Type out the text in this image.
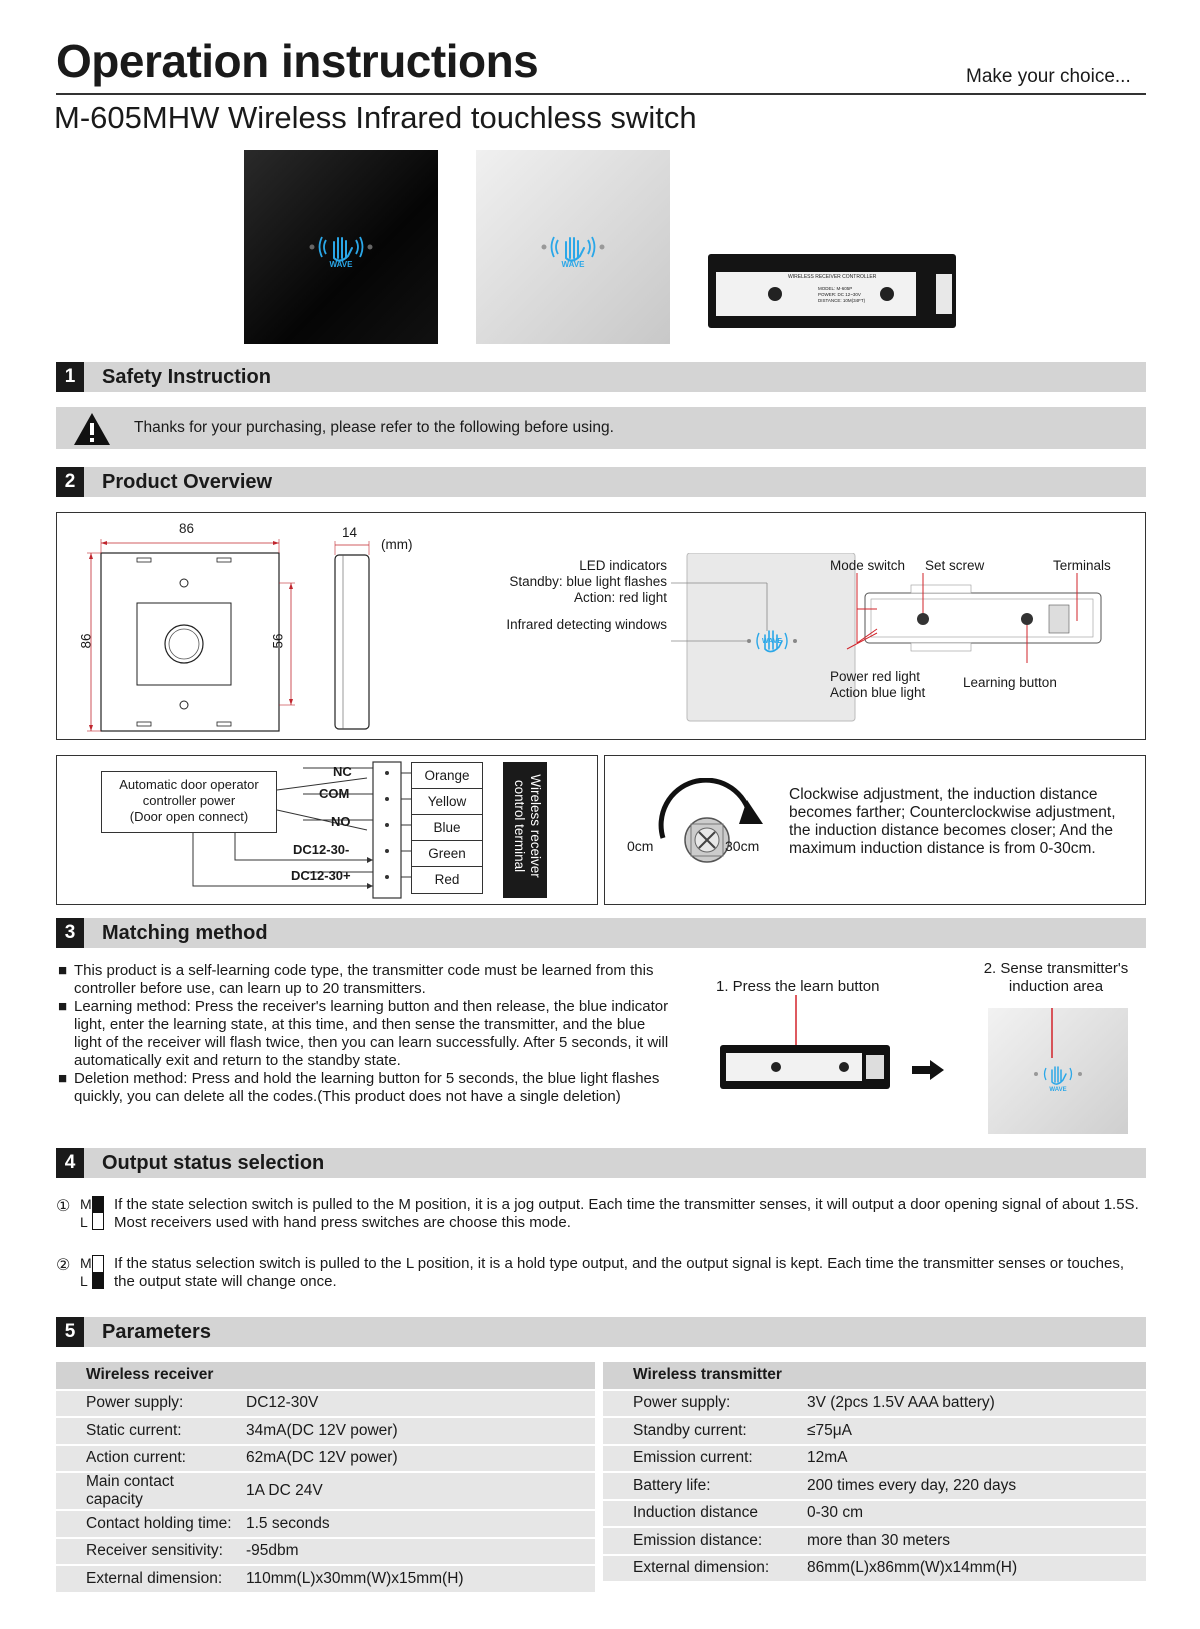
Operation instructions	Make your choice...
M-605MHW Wireless Infrared touchless switch
WAVE	WAVE
WIRELESS RECEIVER CONTROLLER
MODEL: M-605P
POWER: DC 12~30V
DISTANCE: 10M(34FT)
1	Safety Instruction
Thanks for your purchasing, please refer to the following before using.
2	Product Overview
86
86	56
14
(mm)
LED indicators
Standby: blue light flashes
Action: red light
Infrared detecting windows
WAVE
Mode switch Set screw	Terminals
Power red light
Action blue light
Learning button
Automatic door operator
controller power
(Door open connect)
NC
COM
NO
DC12-30-
DC12-30+
Orange
Yellow
Blue
Green
Red
Wireless receiver
control terminal	0cm	30cm
Clockwise adjustment, the induction distance becomes farther; Counterclockwise adjustment, the induction distance becomes closer; And the maximum induction distance is from 0-30cm.
3	Matching method
■ This product is a self-learning code type, the transmitter code must be learned from this controller before use, can learn up to 20 transmitters.
■ Learning method: Press the receiver's learning button and then release, the blue indicator light, enter the learning state, at this time, and then sense the transmitter, and the blue light of the receiver will flash twice, then you can learn successfully. After 5 seconds, it will automatically exit and return to the standby state.
■ Deletion method: Press and hold the learning button for 5 seconds, the blue light flashes quickly, you can delete all the codes.(This product does not have a single deletion)
1. Press the learn button
2. Sense transmitter's
induction area
WAVE
4	Output status selection
① M
L
If the state selection switch is pulled to the M position, it is a jog output. Each time the transmitter senses, it will output a door opening signal of about 1.5S. Most receivers used with hand press switches are choose this mode.
② M
L
If the status selection switch is pulled to the L position, it is a hold type output, and the output signal is kept. Each time the transmitter senses or touches, the output state will change once.
5	Parameters
Wireless receiver	
Power supply:	DC12-30V
Static current:	34mA(DC 12V power)
Action current:	62mA(DC 12V power)
Main contact capacity	1A DC 24V
Contact holding time:	1.5 seconds
Receiver sensitivity:	-95dbm
External dimension:	110mm(L)x30mm(W)x15mm(H)
Wireless transmitter	
Power supply:	3V (2pcs 1.5V AAA battery)
Standby current:	≤75μA
Emission current:	12mA
Battery life:	200 times every day, 220 days
Induction distance	0-30 cm
Emission distance:	more than 30 meters
External dimension:	86mm(L)x86mm(W)x14mm(H)
